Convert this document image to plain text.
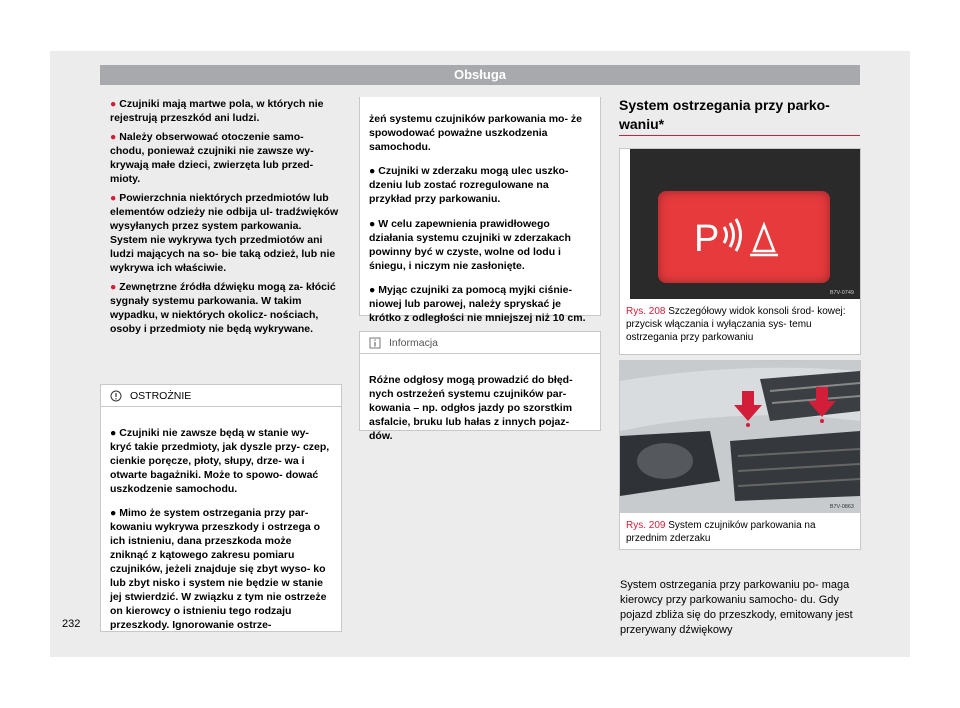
Obsługa

● Czujniki mają martwe pola, w których nie rejestrują przeszkód ani ludzi.

● Należy obserwować otoczenie samo- chodu, ponieważ czujniki nie zawsze wy- krywają małe dzieci, zwierzęta lub przed- mioty.

● Powierzchnia niektórych przedmiotów lub elementów odzieży nie odbija ul- tradźwięków wysyłanych przez system parkowania. System nie wykrywa tych przedmiotów ani ludzi mających na so- bie taką odzież, lub nie wykrywa ich właściwie.

● Zewnętrzne źródła dźwięku mogą za- kłócić sygnały systemu parkowania. W takim wypadku, w niektórych okolicz- nościach, osoby i przedmioty nie będą wykrywane.

OSTROŻNIE

● Czujniki nie zawsze będą w stanie wy- kryć takie przedmioty, jak dyszle przy- czep, cienkie poręcze, płoty, słupy, drze- wa i otwarte bagażniki. Może to spowo- dować uszkodzenie samochodu.

● Mimo że system ostrzegania przy par- kowaniu wykrywa przeszkody i ostrzega o ich istnieniu, dana przeszkoda może zniknąć z kątowego zakresu pomiaru czujników, jeżeli znajduje się zbyt wyso- ko lub zbyt nisko i system nie będzie w stanie jej stwierdzić. W związku z tym nie ostrzeże on kierowcy o istnieniu tego rodzaju przeszkody. Ignorowanie ostrze-

żeń systemu czujników parkowania mo- że spowodować poważne uszkodzenia samochodu.

● Czujniki w zderzaku mogą ulec uszko- dzeniu lub zostać rozregulowane na przykład przy parkowaniu.

● W celu zapewnienia prawidłowego działania systemu czujniki w zderzakach powinny być w czyste, wolne od lodu i śniegu, i niczym nie zasłonięte.

● Myjąc czujniki za pomocą myjki ciśnie- niowej lub parowej, należy spryskać je krótko z odległości nie mniejszej niż 10 cm.

Informacja

Różne odgłosy mogą prowadzić do błęd- nych ostrzeżeń systemu czujników par- kowania – np. odgłos jazdy po szorstkim asfalcie, bruku lub hałas z innych pojaz- dów.

System ostrzegania przy parko- waniu*
P
B7V-0749
Rys. 208 Szczegółowy widok konsoli środ- kowej: przycisk włączania i wyłączania sys- temu ostrzegania przy parkowaniu
B7V-0863
Rys. 209 System czujników parkowania na przednim zderzaku
System ostrzegania przy parkowaniu po- maga kierowcy przy parkowaniu samocho- du. Gdy pojazd zbliża się do przeszkody, emitowany jest przerywany dźwiękowy
232
